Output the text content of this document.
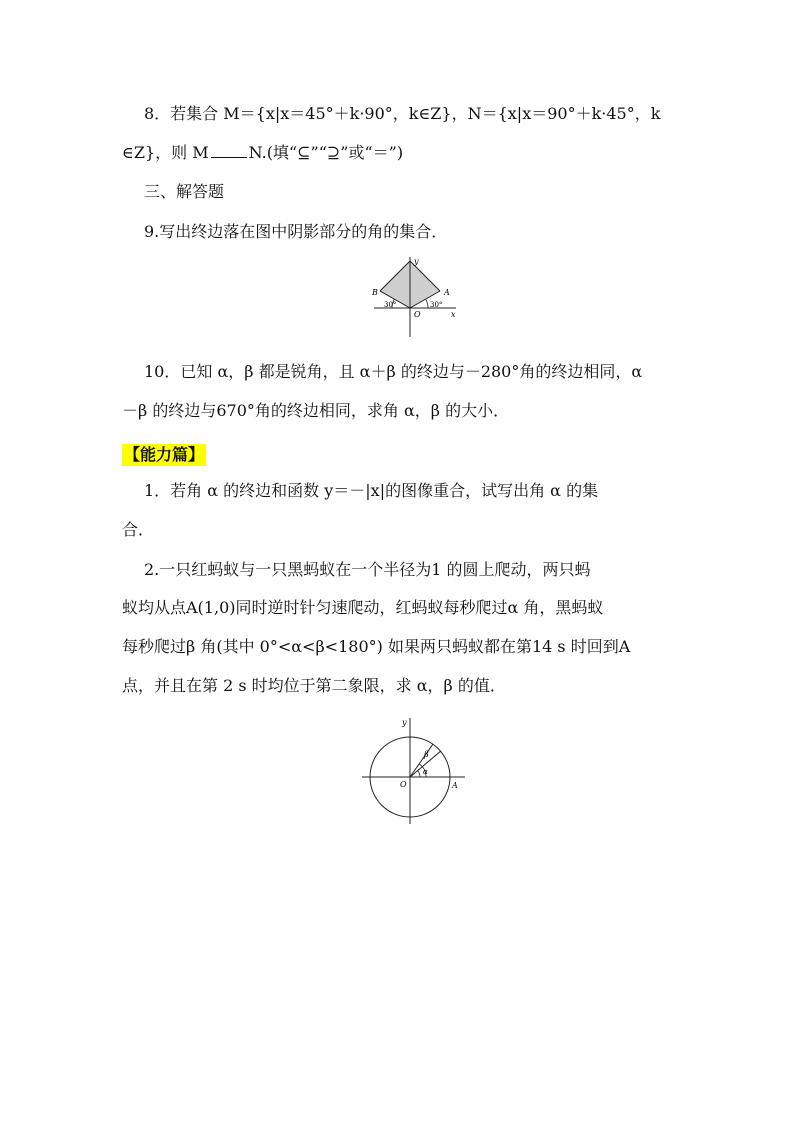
8．若集合 M＝{x|x＝45°＋k·90°，k∈Z}，N＝{x|x＝90°＋k·45°，k
∈Z}，则 M	N.(填“⊆”“⊇”或“＝”)
三、解答题
9.写出终边落在图中阴影部分的角的集合．
y
x
O
A
B
30°	30°
10．已知 α，β 都是锐角，且 α＋β 的终边与－280°角的终边相同，α
－β 的终边与670°角的终边相同，求角 α，β 的大小．
【能力篇】
1．若角 α 的终边和函数 y＝－|x|的图像重合，试写出角 α 的集
合．
2.一只红蚂蚁与一只黑蚂蚁在一个半径为1 的圆上爬动，两只蚂
蚁均从点A(1,0)同时逆时针匀速爬动，红蚂蚁每秒爬过α 角，黑蚂蚁
每秒爬过β 角(其中 0°<α<β<180°) 如果两只蚂蚁都在第14 s 时回到A
点，并且在第 2 s 时均位于第二象限，求 α，β 的值．
y
O	A
α
β
